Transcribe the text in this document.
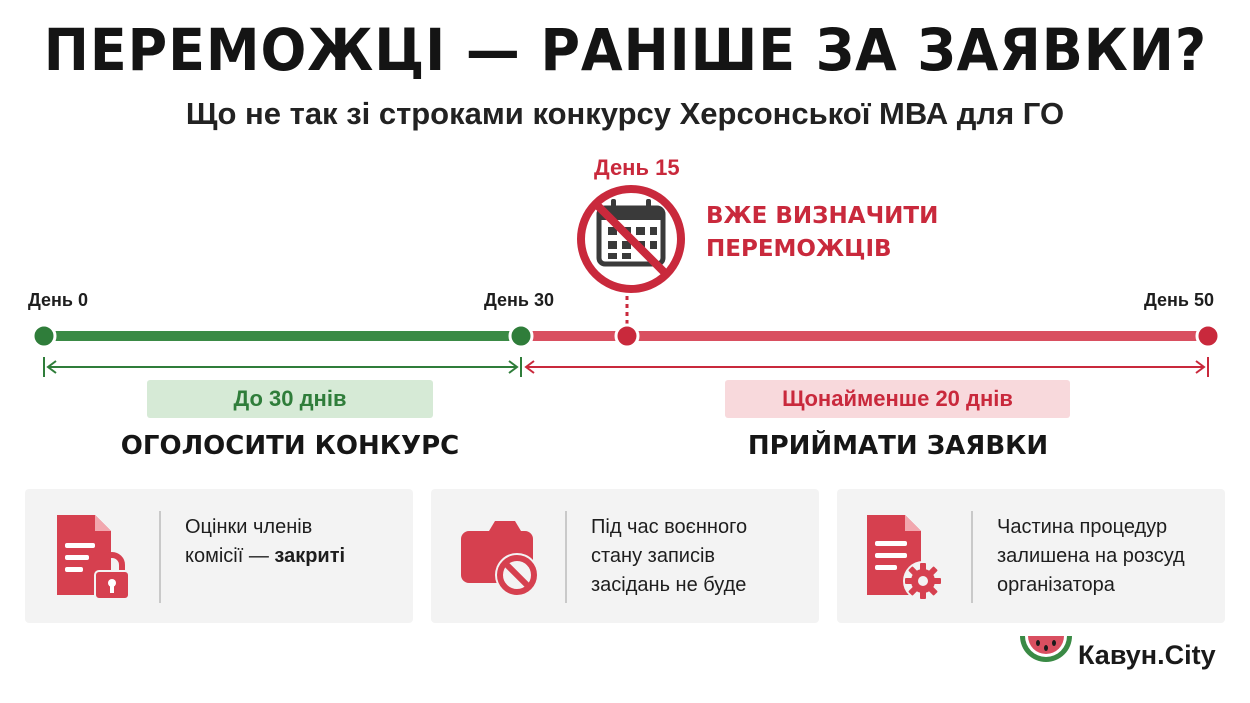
ПЕРЕМОЖЦІ — РАНІШЕ ЗА ЗАЯВКИ?
Що не так зі строками конкурсу Херсонської МВА для ГО
День 0	День 30	День 50
День 15
ВЖЕ ВИЗНАЧИТИ
ПЕРЕМОЖЦІВ
До 30 днів	Щонайменше 20 днів
ОГОЛОСИТИ КОНКУРС	ПРИЙМАТИ ЗАЯВКИ
Оцінки членів
комісії — закриті
Під час воєнного
стану записів
засідань не буде
Частина процедур
залишена на розсуд
організатора
Кавун.City
